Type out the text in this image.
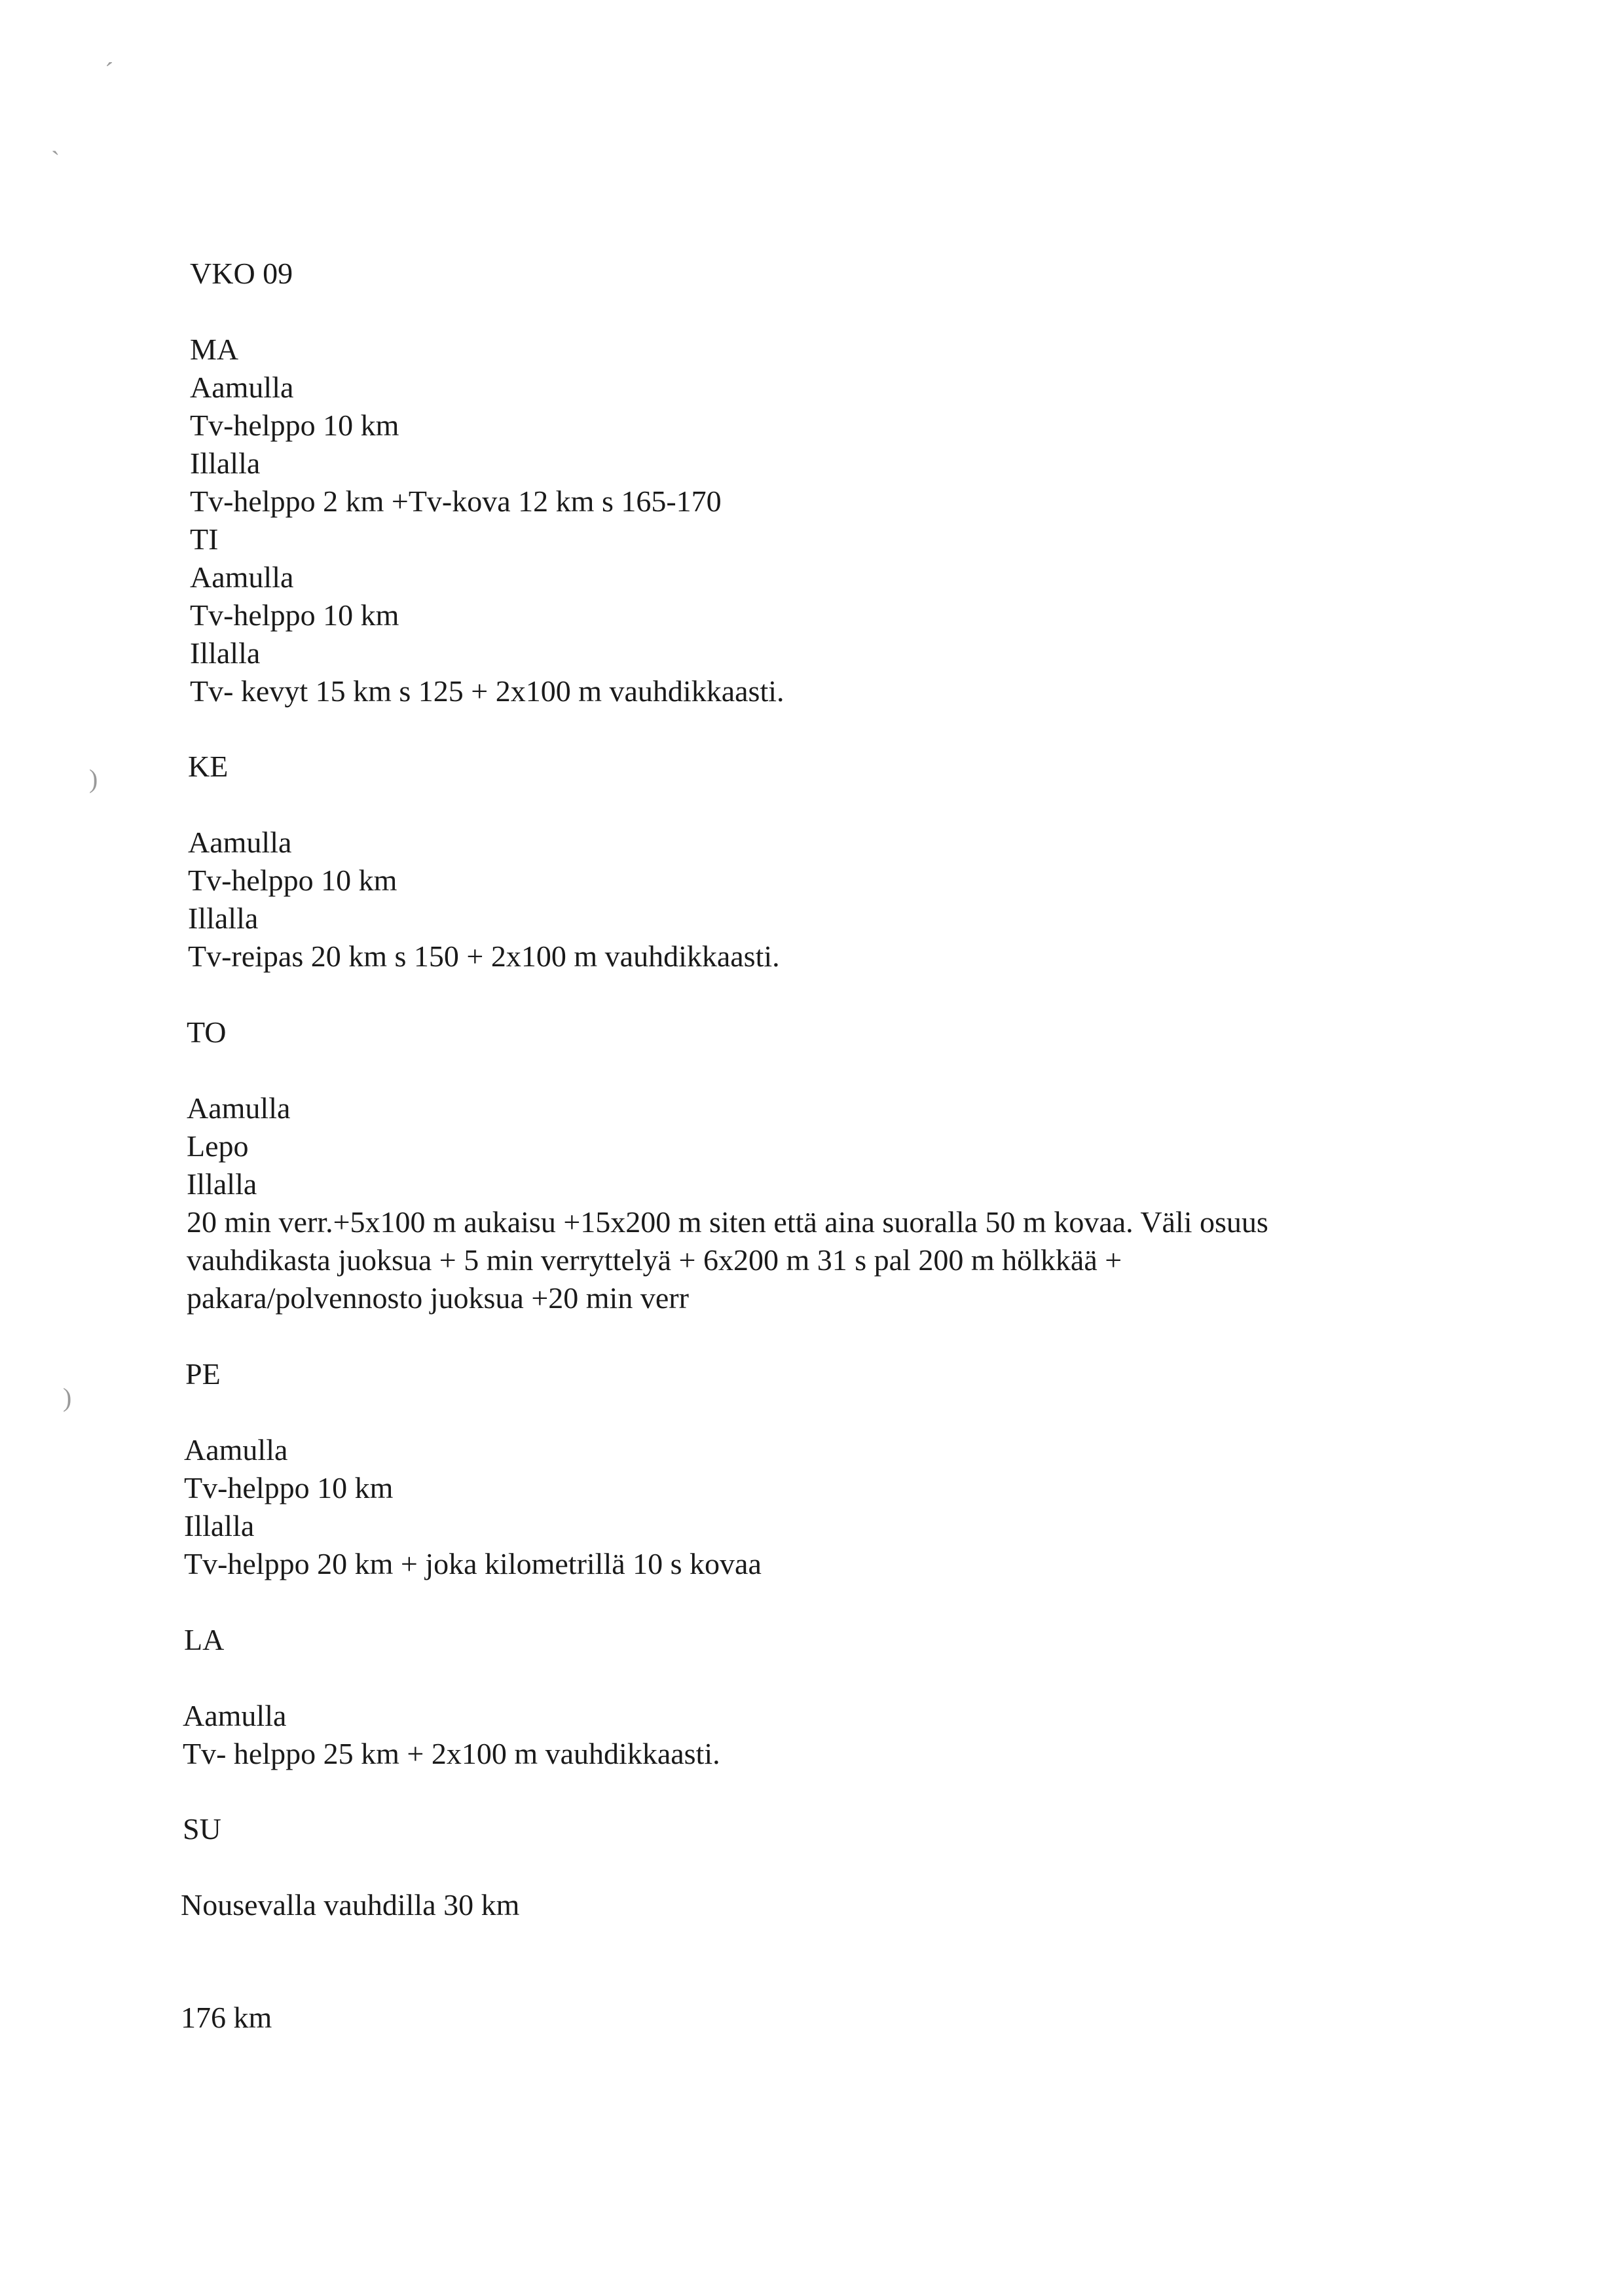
ˊ
ˎ
)
)
VKO 09
MA
Aamulla
Tv-helppo 10 km
Illalla
Tv-helppo 2 km +Tv-kova 12 km s 165-170
TI
Aamulla
Tv-helppo 10 km
Illalla
Tv- kevyt 15 km s 125 + 2x100 m vauhdikkaasti.
KE
Aamulla
Tv-helppo 10 km
Illalla
Tv-reipas 20 km s 150 + 2x100 m vauhdikkaasti.
TO
Aamulla
Lepo
Illalla
20 min verr.+5x100 m aukaisu +15x200 m siten että aina suoralla 50 m kovaa. Väli osuus
vauhdikasta juoksua + 5 min verryttelyä + 6x200 m 31 s pal 200 m hölkkää +
pakara/polvennosto juoksua +20 min verr
PE
Aamulla
Tv-helppo 10 km
Illalla
Tv-helppo 20 km + joka kilometrillä 10 s kovaa
LA
Aamulla
Tv- helppo 25 km + 2x100 m vauhdikkaasti.
SU
Nousevalla vauhdilla 30 km
176 km
